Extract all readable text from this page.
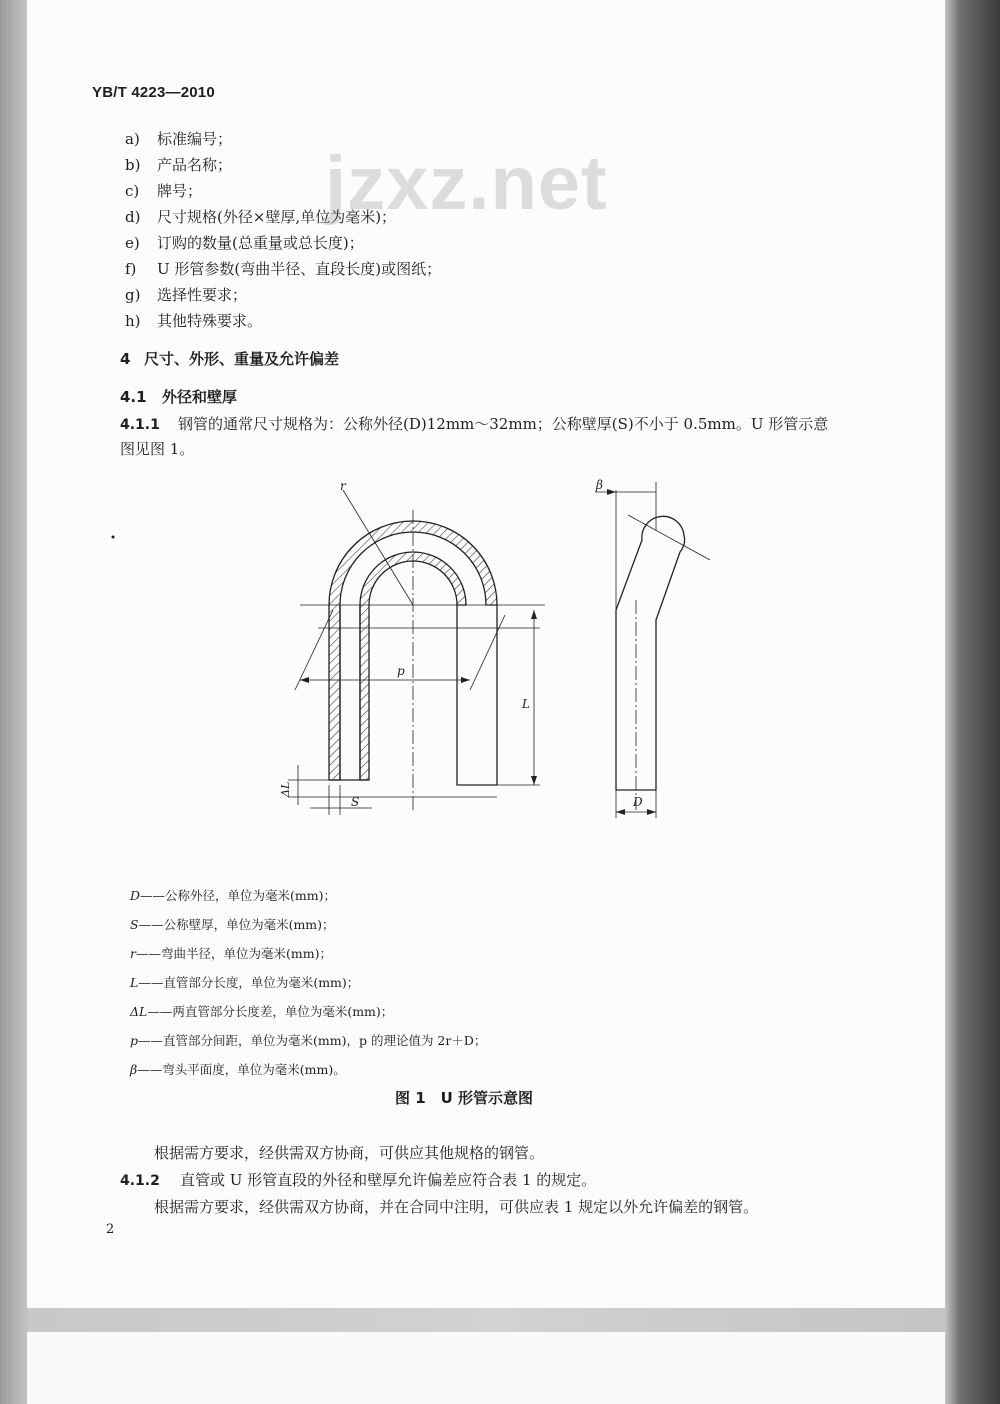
YB/T 4223—2010
jzxz.net
a) 标准编号；
b) 产品名称；
c) 牌号；
d) 尺寸规格(外径×壁厚,单位为毫米)；
e) 订购的数量(总重量或总长度)；
f) U 形管参数(弯曲半径、直段长度)或图纸；
g) 选择性要求；
h) 其他特殊要求。
4 尺寸、外形、重量及允许偏差
4.1 外径和壁厚
4.1.1 钢管的通常尺寸规格为：公称外径(D)12mm～32mm；公称壁厚(S)不小于 0.5mm。U 形管示意
图见图 1。
r
p
L
ΔL
S
β
D
D——公称外径，单位为毫米(mm)；
S——公称壁厚，单位为毫米(mm)；
r——弯曲半径，单位为毫米(mm)；
L——直管部分长度，单位为毫米(mm)；
ΔL——两直管部分长度差，单位为毫米(mm)；
p——直管部分间距，单位为毫米(mm)，p 的理论值为 2r＋D；
β——弯头平面度，单位为毫米(mm)。
图 1　U 形管示意图
根据需方要求，经供需双方协商，可供应其他规格的钢管。
4.1.2 直管或 U 形管直段的外径和壁厚允许偏差应符合表 1 的规定。
根据需方要求，经供需双方协商，并在合同中注明，可供应表 1 规定以外允许偏差的钢管。
2
